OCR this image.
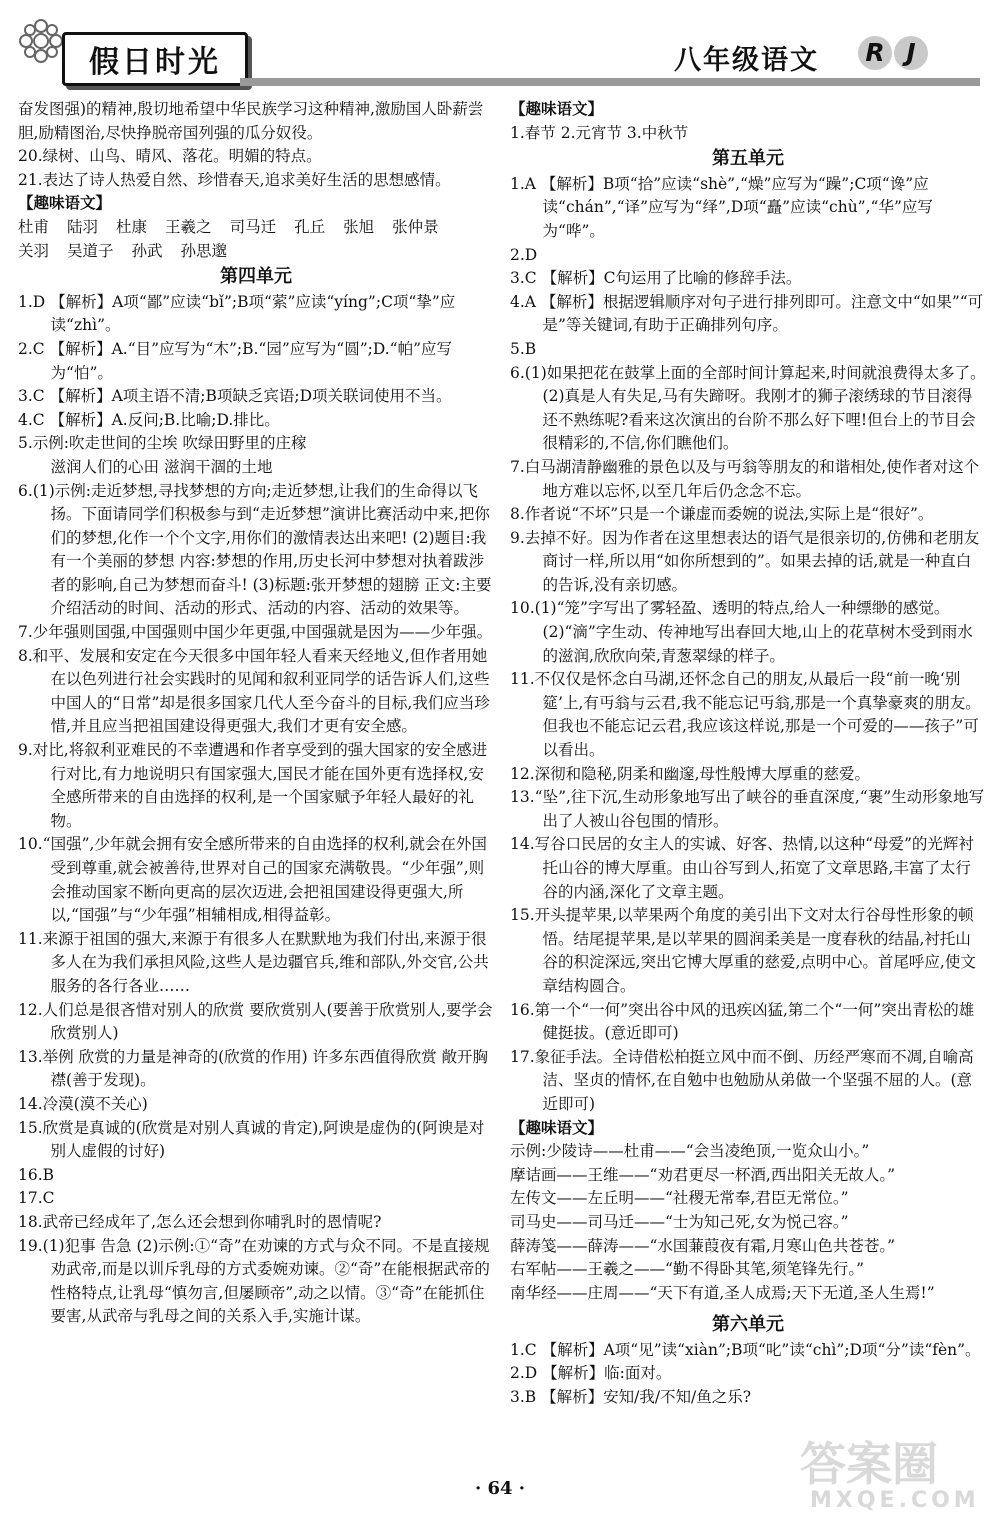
假日时光	八年级语文 R J

奋发图强)的精神,殷切地希望中华民族学习这种精神,激励国人卧薪尝胆,励精图治,尽快挣脱帝国列强的瓜分奴役。

20.绿树、山鸟、晴风、落花。明媚的特点。

21.表达了诗人热爱自然、珍惜春天,追求美好生活的思想感情。

【趣味语文】

杜甫 陆羽 杜康 王羲之 司马迁 孔丘 张旭 张仲景

关羽 吴道子 孙武 孙思邈

第四单元

1.D 【解析】A项“鄙”应读“bǐ”;B项“萦”应读“yíng”;C项“挚”应读“zhì”。

2.C 【解析】A.“目”应写为“木”;B.“园”应写为“圆”;D.“帕”应写为“怕”。

3.C 【解析】A项主语不清;B项缺乏宾语;D项关联词使用不当。

4.C 【解析】A.反问;B.比喻;D.排比。

5.示例:吹走世间的尘埃 吹绿田野里的庄稼

滋润人们的心田 滋润干涸的土地

6.(1)示例:走近梦想,寻找梦想的方向;走近梦想,让我们的生命得以飞扬。下面请同学们积极参与到“走近梦想”演讲比赛活动中来,把你们的梦想,化作一个个文字,用你们的激情表达出来吧! (2)题目:我有一个美丽的梦想 内容:梦想的作用,历史长河中梦想对执着跋涉者的影响,自己为梦想而奋斗! (3)标题:张开梦想的翅膀 正文:主要介绍活动的时间、活动的形式、活动的内容、活动的效果等。

7.少年强则国强,中国强则中国少年更强,中国强就是因为——少年强。

8.和平、发展和安定在今天很多中国年轻人看来天经地义,但作者用她在以色列进行社会实践时的见闻和叙利亚同学的话告诉人们,这些中国人的“日常”却是很多国家几代人至今奋斗的目标,我们应当珍惜,并且应当把祖国建设得更强大,我们才更有安全感。

9.对比,将叙利亚难民的不幸遭遇和作者享受到的强大国家的安全感进行对比,有力地说明只有国家强大,国民才能在国外更有选择权,安全感所带来的自由选择的权利,是一个国家赋予年轻人最好的礼物。

10.“国强”,少年就会拥有安全感所带来的自由选择的权利,就会在外国受到尊重,就会被善待,世界对自己的国家充满敬畏。“少年强”,则会推动国家不断向更高的层次迈进,会把祖国建设得更强大,所以,“国强”与“少年强”相辅相成,相得益彰。

11.来源于祖国的强大,来源于有很多人在默默地为我们付出,来源于很多人在为我们承担风险,这些人是边疆官兵,维和部队,外交官,公共服务的各行各业……

12.人们总是很吝惜对别人的欣赏 要欣赏别人(要善于欣赏别人,要学会欣赏别人)

13.举例 欣赏的力量是神奇的(欣赏的作用) 许多东西值得欣赏 敞开胸襟(善于发现)。

14.冷漠(漠不关心)

15.欣赏是真诚的(欣赏是对别人真诚的肯定),阿谀是虚伪的(阿谀是对别人虚假的讨好)

16.B

17.C

18.武帝已经成年了,怎么还会想到你哺乳时的恩情呢?

19.(1)犯事 告急 (2)示例:①“奇”在劝谏的方式与众不同。不是直接规劝武帝,而是以训斥乳母的方式委婉劝谏。②“奇”在能根据武帝的性格特点,让乳母“慎勿言,但屡顾帝”,动之以情。③“奇”在能抓住要害,从武帝与乳母之间的关系入手,实施计谋。

【趣味语文】

1.春节 2.元宵节 3.中秋节

第五单元

1.A 【解析】B项“拾”应读“shè”,“燥”应写为“躁”;C项“谗”应读“chán”,“译”应写为“绎”,D项“矗”应读“chù”,“华”应写为“哗”。

2.D

3.C 【解析】C句运用了比喻的修辞手法。

4.A 【解析】根据逻辑顺序对句子进行排列即可。注意文中“如果”“可是”等关键词,有助于正确排列句序。

5.B

6.(1)如果把花在鼓掌上面的全部时间计算起来,时间就浪费得太多了。 (2)真是人有失足,马有失蹄呀。我刚才的狮子滚绣球的节目滚得还不熟练呢?看来这次演出的台阶不那么好下哩!但台上的节目会很精彩的,不信,你们瞧他们。

7.白马湖清静幽雅的景色以及与丏翁等朋友的和谐相处,使作者对这个地方难以忘怀,以至几年后仍念念不忘。

8.作者说“不坏”只是一个谦虚而委婉的说法,实际上是“很好”。

9.去掉不好。因为作者在这里想表达的语气是很亲切的,仿佛和老朋友商讨一样,所以用“如你所想到的”。如果去掉的话,就是一种直白的告诉,没有亲切感。

10.(1)“笼”字写出了雾轻盈、透明的特点,给人一种缥缈的感觉。 (2)“滴”字生动、传神地写出春回大地,山上的花草树木受到雨水的滋润,欣欣向荣,青葱翠绿的样子。

11.不仅仅是怀念白马湖,还怀念自己的朋友,从最后一段“前一晚‘别筵’上,有丏翁与云君,我不能忘记丏翁,那是一个真挚豪爽的朋友。但我也不能忘记云君,我应该这样说,那是一个可爱的——孩子”可以看出。

12.深彻和隐秘,阴柔和幽邃,母性般博大厚重的慈爱。

13.“坠”,往下沉,生动形象地写出了峡谷的垂直深度,“裹”生动形象地写出了人被山谷包围的情形。

14.写谷口民居的女主人的实诚、好客、热情,以这种“母爱”的光辉衬托山谷的博大厚重。由山谷写到人,拓宽了文章思路,丰富了太行谷的内涵,深化了文章主题。

15.开头提苹果,以苹果两个角度的美引出下文对太行谷母性形象的顿悟。结尾提苹果,是以苹果的圆润柔美是一度春秋的结晶,衬托山谷的积淀深远,突出它博大厚重的慈爱,点明中心。首尾呼应,使文章结构圆合。

16.第一个“一何”突出谷中风的迅疾凶猛,第二个“一何”突出青松的雄健挺拔。(意近即可)

17.象征手法。全诗借松柏挺立风中而不倒、历经严寒而不凋,自喻高洁、坚贞的情怀,在自勉中也勉励从弟做一个坚强不屈的人。(意近即可)

【趣味语文】

示例:少陵诗——杜甫——“会当凌绝顶,一览众山小。”

摩诘画——王维——“劝君更尽一杯酒,西出阳关无故人。”

左传文——左丘明——“社稷无常奉,君臣无常位。”

司马史——司马迁——“士为知己死,女为悦己容。”

薛涛笺——薛涛——“水国蒹葭夜有霜,月寒山色共苍苍。”

右军帖——王羲之——“勤不得卧其笔,须笔锋先行。”

南华经——庄周——“天下有道,圣人成焉;天下无道,圣人生焉!”

第六单元

1.C 【解析】A项“见”读“xiàn”;B项“叱”读“chì”;D项“分”读“fèn”。

2.D 【解析】临:面对。

3.B 【解析】安知/我/不知/鱼之乐?

· 64 ·	答案圈
MXQE.COM
